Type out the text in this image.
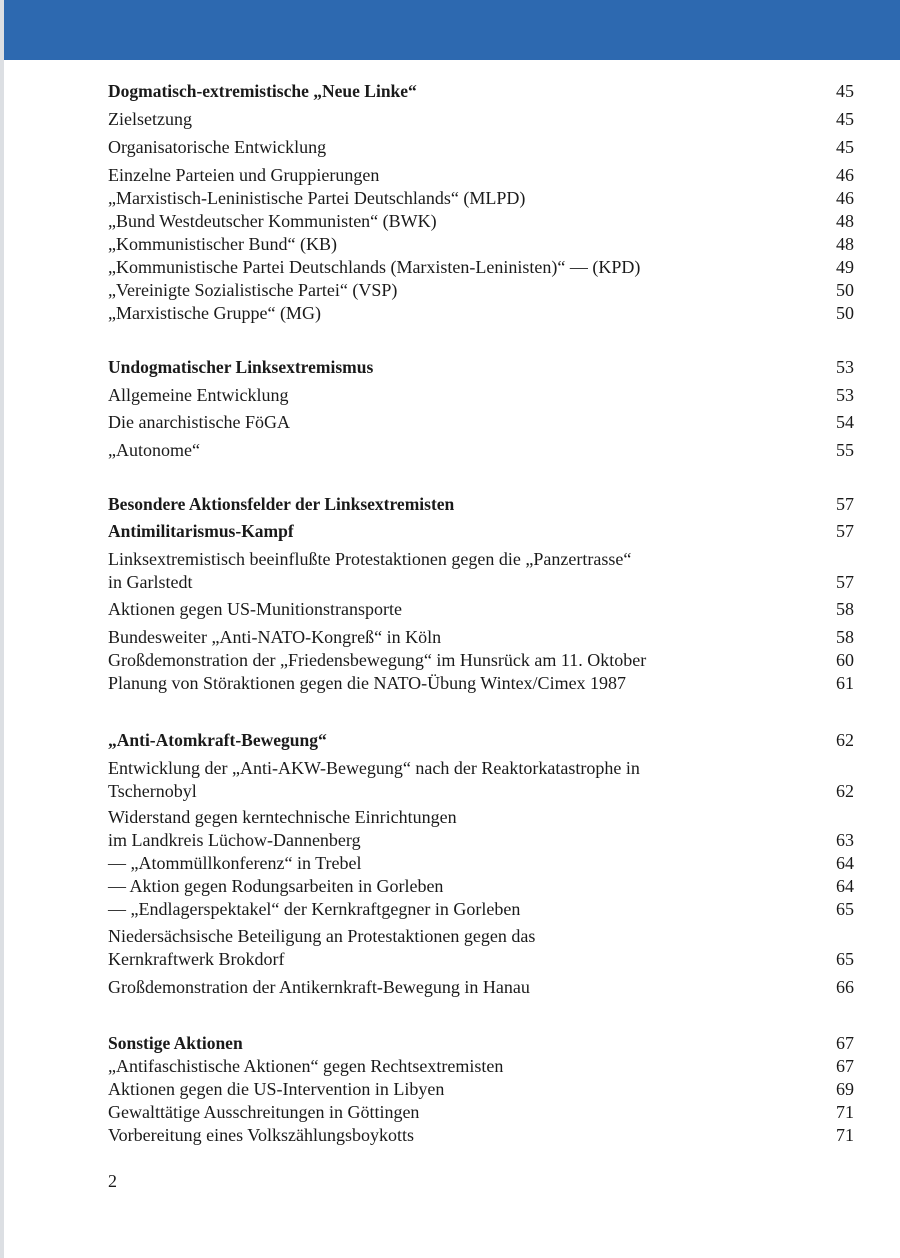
Dogmatisch-extremistische „Neue Linke“	45
Zielsetzung	45
Organisatorische Entwicklung	45
Einzelne Parteien und Gruppierungen	46
„Marxistisch-Leninistische Partei Deutschlands“ (MLPD)	46
„Bund Westdeutscher Kommunisten“ (BWK)	48
„Kommunistischer Bund“ (KB)	48
„Kommunistische Partei Deutschlands (Marxisten-Leninisten)“ — (KPD)	49
„Vereinigte Sozialistische Partei“ (VSP)	50
„Marxistische Gruppe“ (MG)	50
Undogmatischer Linksextremismus	53
Allgemeine Entwicklung	53
Die anarchistische FöGA	54
„Autonome“	55
Besondere Aktionsfelder der Linksextremisten	57
Antimilitarismus-Kampf	57
Linksextremistisch beeinflußte Protestaktionen gegen die „Panzertrasse“
in Garlstedt	57
Aktionen gegen US-Munitionstransporte	58
Bundesweiter „Anti-NATO-Kongreß“ in Köln	58
Großdemonstration der „Friedensbewegung“ im Hunsrück am 11. Oktober	60
Planung von Störaktionen gegen die NATO-Übung Wintex/Cimex 1987	61
„Anti-Atomkraft-Bewegung“	62
Entwicklung der „Anti-AKW-Bewegung“ nach der Reaktorkatastrophe in
Tschernobyl	62
Widerstand gegen kerntechnische Einrichtungen
im Landkreis Lüchow-Dannenberg	63
— „Atommüllkonferenz“ in Trebel	64
— Aktion gegen Rodungsarbeiten in Gorleben	64
— „Endlagerspektakel“ der Kernkraftgegner in Gorleben	65
Niedersächsische Beteiligung an Protestaktionen gegen das
Kernkraftwerk Brokdorf	65
Großdemonstration der Antikernkraft-Bewegung in Hanau	66
Sonstige Aktionen	67
„Antifaschistische Aktionen“ gegen Rechtsextremisten	67
Aktionen gegen die US-Intervention in Libyen	69
Gewalttätige Ausschreitungen in Göttingen	71
Vorbereitung eines Volkszählungsboykotts	71
2
